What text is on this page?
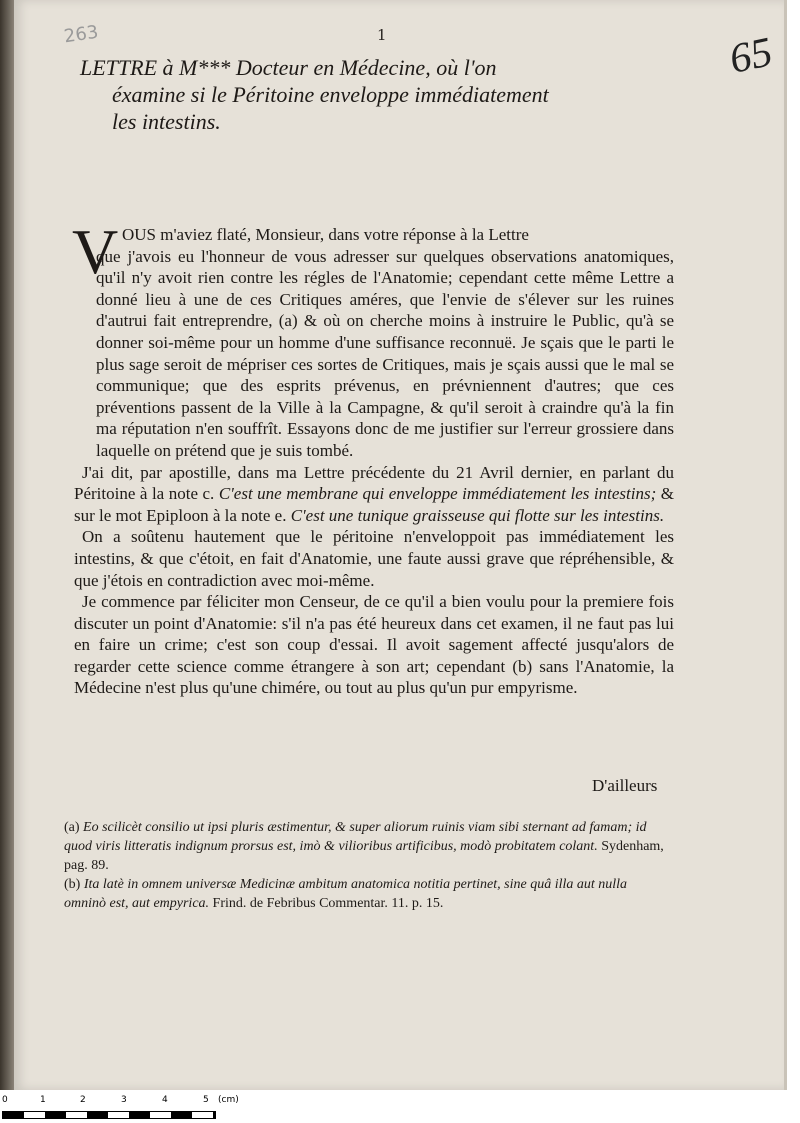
263	1	65
LETTRE à M*** Docteur en Médecine, où l'on
éxamine si le Péritoine enveloppe immédiatement
les intestins.
V OUS m'aviez flaté, Monsieur, dans votre réponse à la Lettre

que j'avois eu l'honneur de vous adresser sur quelques observations anatomiques, qu'il n'y avoit rien contre les régles de l'Anatomie; cependant cette même Lettre a donné lieu à une de ces Critiques améres, que l'envie de s'élever sur les ruines d'autrui fait entreprendre, (a) & où on cherche moins à instruire le Public, qu'à se donner soi-même pour un homme d'une suffisance reconnuë. Je sçais que le parti le plus sage seroit de mépriser ces sortes de Critiques, mais je sçais aussi que le mal se communique; que des esprits prévenus, en prévniennent d'autres; que ces préventions passent de la Ville à la Campagne, & qu'il seroit à craindre qu'à la fin ma réputation n'en souffrît. Essayons donc de me justifier sur l'erreur grossiere dans laquelle on prétend que je suis tombé.

J'ai dit, par apostille, dans ma Lettre précédente du 21 Avril dernier, en parlant du Péritoine à la note c. C'est une membrane qui enveloppe immédiatement les intestins; & sur le mot Epiploon à la note e. C'est une tunique graisseuse qui flotte sur les intestins.

On a soûtenu hautement que le péritoine n'enveloppoit pas immédiatement les intestins, & que c'étoit, en fait d'Anatomie, une faute aussi grave que répréhensible, & que j'étois en contradiction avec moi-même.

Je commence par féliciter mon Censeur, de ce qu'il a bien voulu pour la premiere fois discuter un point d'Anatomie: s'il n'a pas été heureux dans cet examen, il ne faut pas lui en faire un crime; c'est son coup d'essai. Il avoit sagement affecté jusqu'alors de regarder cette science comme étrangere à son art; cependant (b) sans l'Anatomie, la Médecine n'est plus qu'une chimére, ou tout au plus qu'un pur empyrisme.

D'ailleurs

(a) Eo scilicèt consilio ut ipsi pluris æstimentur, & super aliorum ruinis viam sibi sternant ad famam; id quod viris litteratis indignum prorsus est, imò & vilioribus artificibus, modò probitatem colant. Sydenham, pag. 89.

(b) Ita latè in omnem universæ Medicinæ ambitum anatomica notitia pertinet, sine quâ illa aut nulla omninò est, aut empyrica. Frind. de Febribus Commentar. 11. p. 15.

0	1	2	3	4	5 (cm)
